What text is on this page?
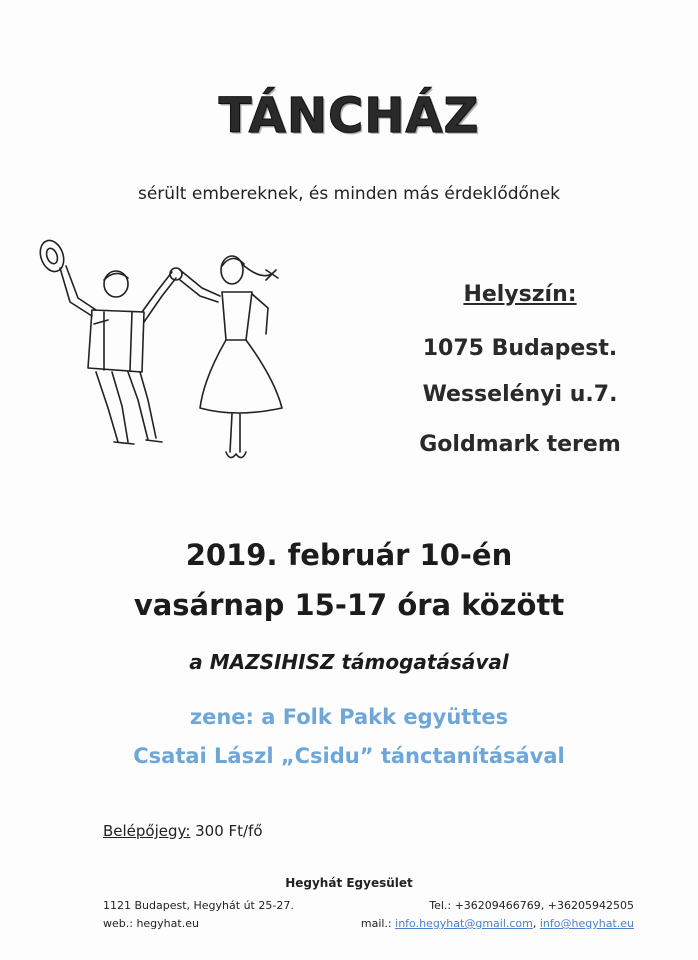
TÁNCHÁZ
sérült embereknek, és minden más érdeklődőnek
Helyszín:
1075 Budapest.
Wesselényi u.7.
Goldmark terem
2019. február 10-én
vasárnap 15-17 óra között
a MAZSIHISZ támogatásával
zene: a Folk Pakk együttes
Csatai Lászl „Csidu” tánctanításával
Belépőjegy: 300 Ft/fő
Hegyhát Egyesület
1121 Budapest, Hegyhát út 25-27.
web.: hegyhat.eu
Tel.: +36209466769, +36205942505
mail.: info.hegyhat@gmail.com, info@hegyhat.eu
